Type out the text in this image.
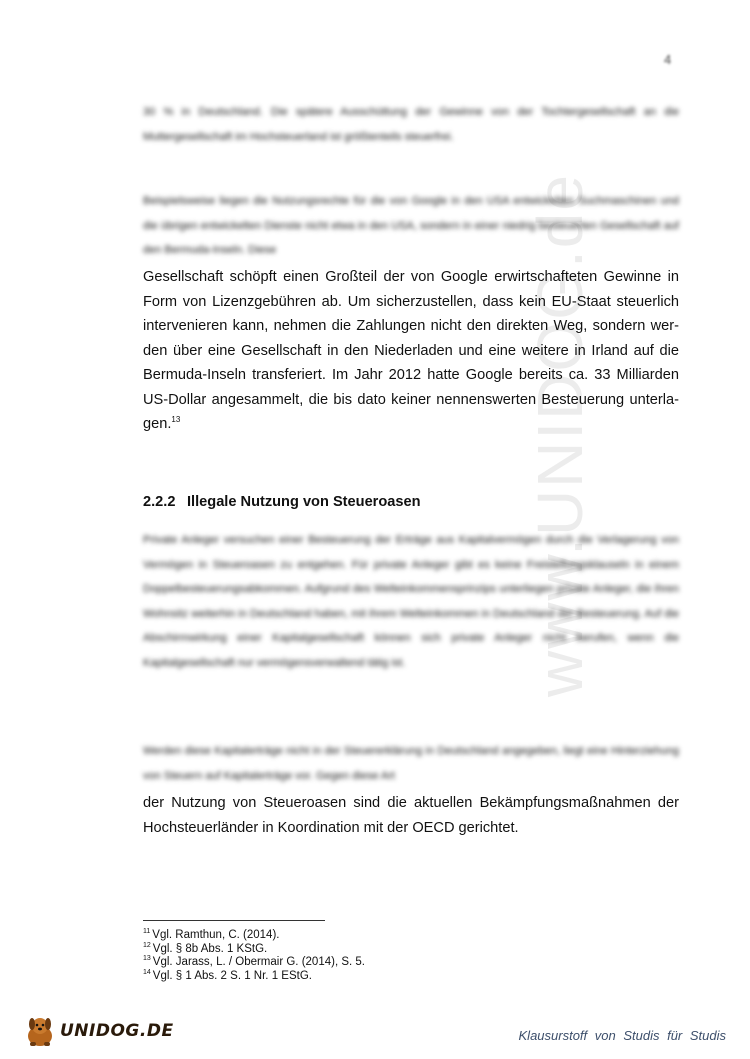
4
www.UNIDOG.de
30 % in Deutschland. Die spätere Ausschüttung der Gewinne von der Tochtergesellschaft an die Muttergesellschaft im Hochsteuerland ist größtenteils steuerfrei.
Beispielsweise liegen die Nutzungsrechte für die von Google in den USA entwickelten Suchmaschinen und die übrigen entwickelten Dienste nicht etwa in den USA, sondern in einer niedrig besteuerten Gesellschaft auf den Bermuda-Inseln. Diese
Gesellschaft schöpft einen Großteil der von Google erwirtschafteten Gewinne in
Form von Lizenzgebühren ab. Um sicherzustellen, dass kein EU-Staat steuerlich
intervenieren kann, nehmen die Zahlungen nicht den direkten Weg, sondern wer-
den über eine Gesellschaft in den Niederladen und eine weitere in Irland auf die
Bermuda-Inseln transferiert. Im Jahr 2012 hatte Google bereits ca. 33 Milliarden
US-Dollar angesammelt, die bis dato keiner nennenswerten Besteuerung unterla-
gen.$^{13}$
2.2.2 Illegale Nutzung von Steueroasen
Private Anleger versuchen einer Besteuerung der Erträge aus Kapitalvermögen durch die Verlagerung von Vermögen in Steueroasen zu entgehen. Für private Anleger gibt es keine Freistellungsklauseln in einem Doppelbesteuerungsabkommen. Aufgrund des Welteinkommensprinzips unterliegen private Anleger, die ihren Wohnsitz weiterhin in Deutschland haben, mit ihrem Welteinkommen in Deutschland der Besteuerung. Auf die Abschirmwirkung einer Kapitalgesellschaft können sich private Anleger nicht berufen, wenn die Kapitalgesellschaft nur vermögensverwaltend tätig ist.
Werden diese Kapitalerträge nicht in der Steuererklärung in Deutschland angegeben, liegt eine Hinterziehung von Steuern auf Kapitalerträge vor. Gegen diese Art
der Nutzung von Steueroasen sind die aktuellen Bekämpfungsmaßnahmen der
Hochsteuerländer in Koordination mit der OECD gerichtet.
$^{11}$ Vgl. Ramthun, C. (2014).
$^{12}$ Vgl. § 8b Abs. 1 KStG.
$^{13}$ Vgl. Jarass, L. / Obermair G. (2014), S. 5.
$^{14}$ Vgl. § 1 Abs. 2 S. 1 Nr. 1 EStG.
UNIDOG.DE	Klausurstoff von Studis für Studis
